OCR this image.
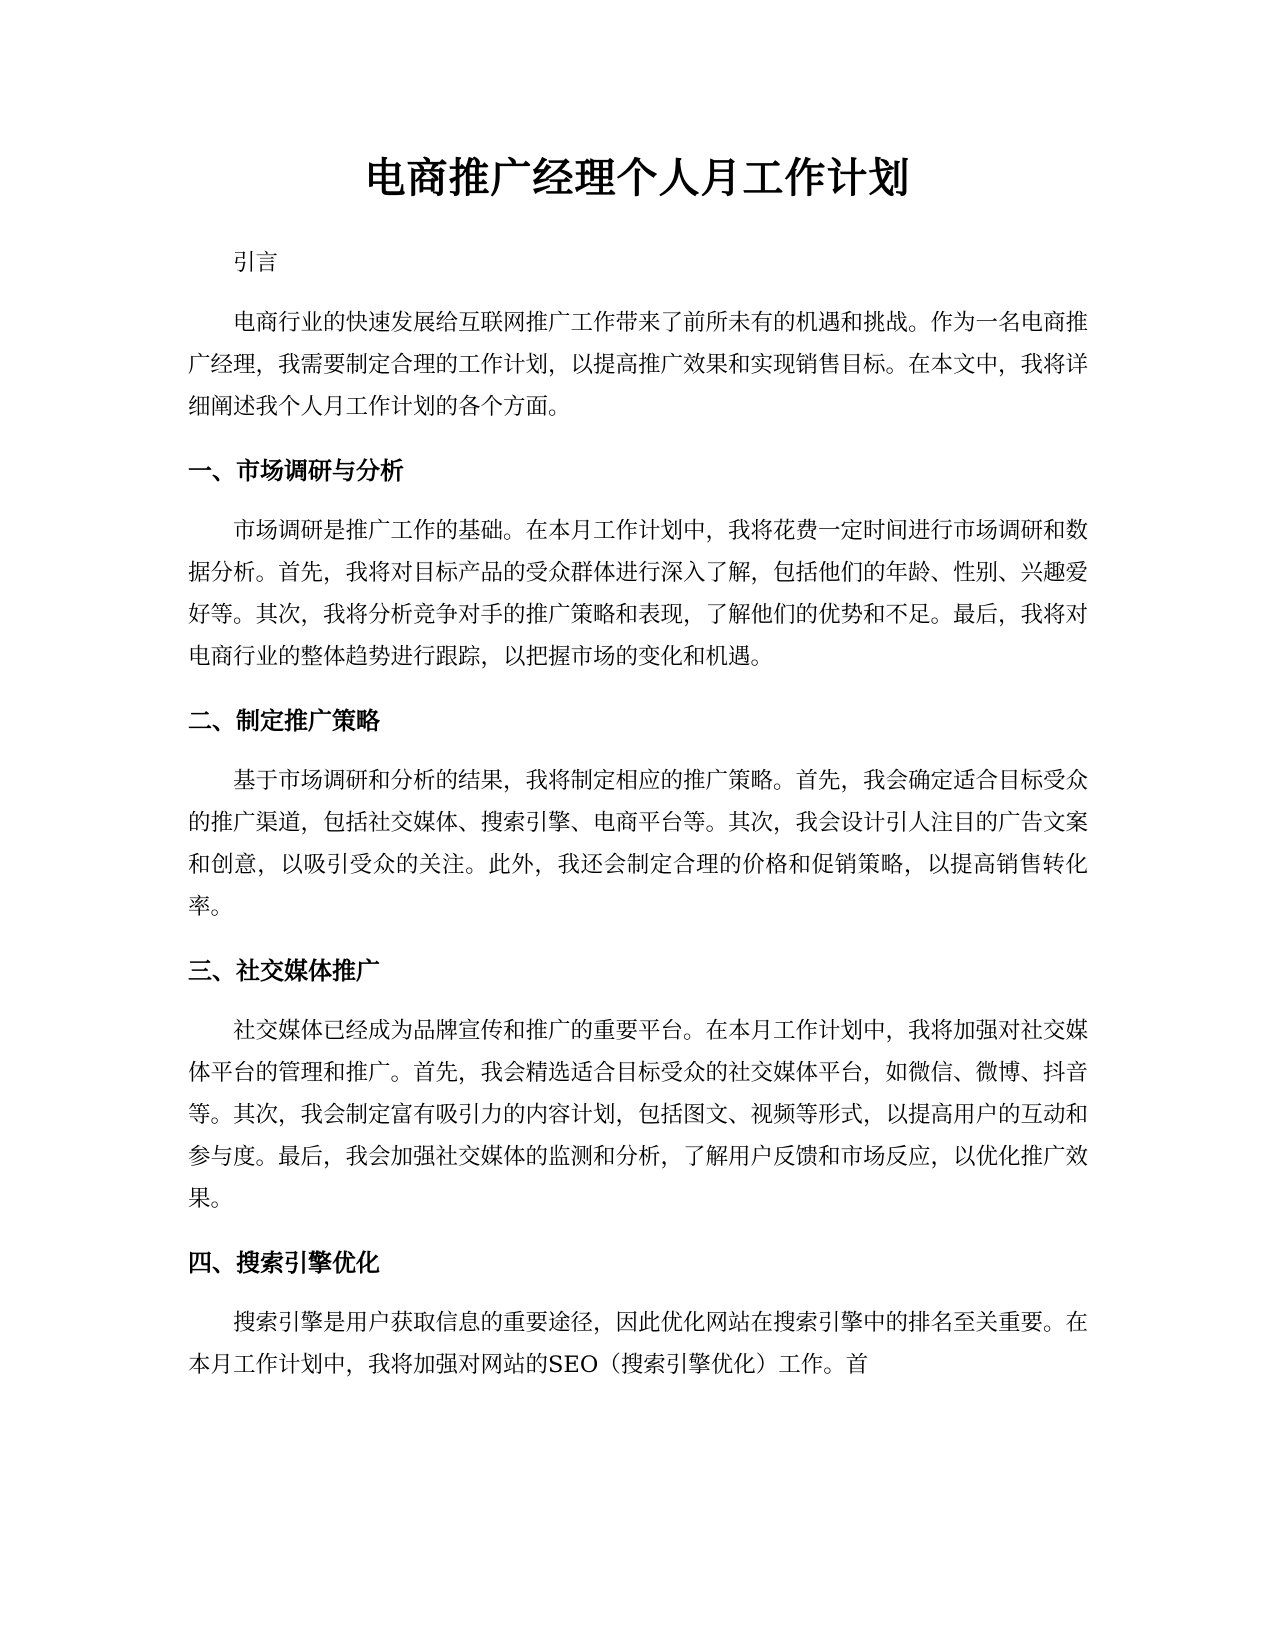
电商推广经理个人月工作计划

引言

电商行业的快速发展给互联网推广工作带来了前所未有的机遇和挑战。作为一名电商推广经理，我需要制定合理的工作计划，以提高推广效果和实现销售目标。在本文中，我将详细阐述我个人月工作计划的各个方面。

一、市场调研与分析

市场调研是推广工作的基础。在本月工作计划中，我将花费一定时间进行市场调研和数据分析。首先，我将对目标产品的受众群体进行深入了解，包括他们的年龄、性别、兴趣爱好等。其次，我将分析竞争对手的推广策略和表现，了解他们的优势和不足。最后，我将对电商行业的整体趋势进行跟踪，以把握市场的变化和机遇。

二、制定推广策略

基于市场调研和分析的结果，我将制定相应的推广策略。首先，我会确定适合目标受众的推广渠道，包括社交媒体、搜索引擎、电商平台等。其次，我会设计引人注目的广告文案和创意，以吸引受众的关注。此外，我还会制定合理的价格和促销策略，以提高销售转化率。

三、社交媒体推广

社交媒体已经成为品牌宣传和推广的重要平台。在本月工作计划中，我将加强对社交媒体平台的管理和推广。首先，我会精选适合目标受众的社交媒体平台，如微信、微博、抖音等。其次，我会制定富有吸引力的内容计划，包括图文、视频等形式，以提高用户的互动和参与度。最后，我会加强社交媒体的监测和分析，了解用户反馈和市场反应，以优化推广效果。

四、搜索引擎优化

搜索引擎是用户获取信息的重要途径，因此优化网站在搜索引擎中的排名至关重要。在本月工作计划中，我将加强对网站的SEO（搜索引擎优化）工作。首
